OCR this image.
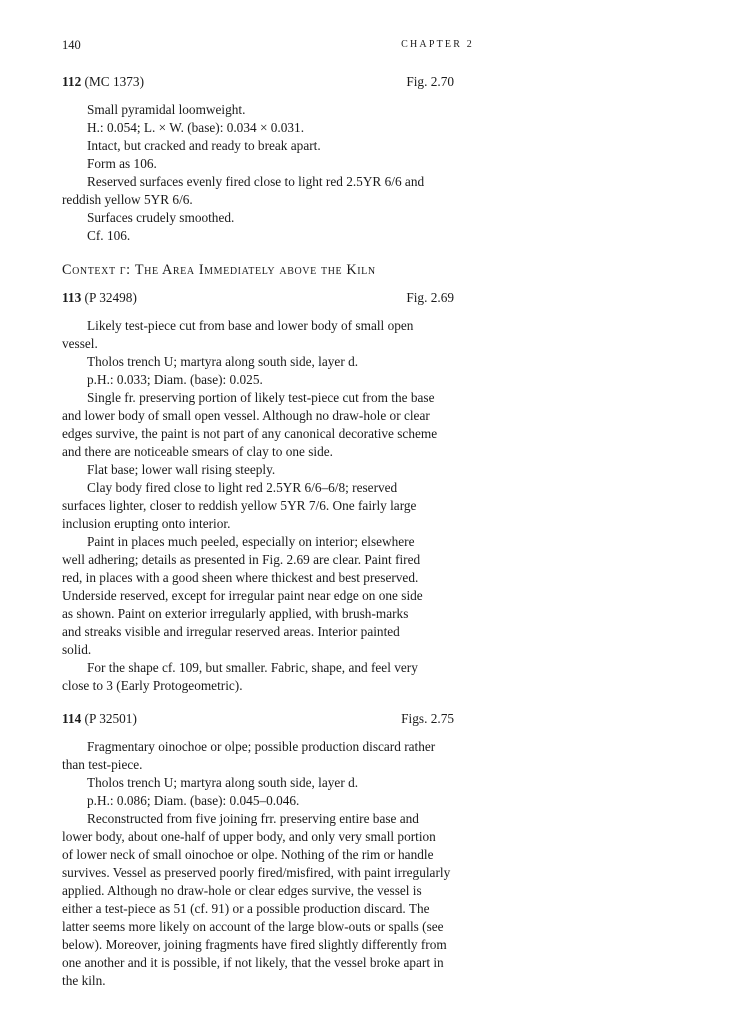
140	CHAPTER 2
112 (MC 1373)	Fig. 2.70
Small pyramidal loomweight.
H.: 0.054; L. × W. (base): 0.034 × 0.031.
Intact, but cracked and ready to break apart.
Form as 106.
Reserved surfaces evenly fired close to light red 2.5YR 6/6 and
reddish yellow 5YR 6/6.
Surfaces crudely smoothed.
Cf. 106.
Context γ: The Area Immediately above the Kiln
113 (P 32498)	Fig. 2.69
Likely test-piece cut from base and lower body of small open
vessel.
Tholos trench U; martyra along south side, layer d.
p.H.: 0.033; Diam. (base): 0.025.
Single fr. preserving portion of likely test-piece cut from the base
and lower body of small open vessel. Although no draw-hole or clear
edges survive, the paint is not part of any canonical decorative scheme
and there are noticeable smears of clay to one side.
Flat base; lower wall rising steeply.
Clay body fired close to light red 2.5YR 6/6–6/8; reserved
surfaces lighter, closer to reddish yellow 5YR 7/6. One fairly large
inclusion erupting onto interior.
Paint in places much peeled, especially on interior; elsewhere
well adhering; details as presented in Fig. 2.69 are clear. Paint fired
red, in places with a good sheen where thickest and best preserved.
Underside reserved, except for irregular paint near edge on one side
as shown. Paint on exterior irregularly applied, with brush-marks
and streaks visible and irregular reserved areas. Interior painted
solid.
For the shape cf. 109, but smaller. Fabric, shape, and feel very
close to 3 (Early Protogeometric).
114 (P 32501)	Figs. 2.75
Fragmentary oinochoe or olpe; possible production discard rather
than test-piece.
Tholos trench U; martyra along south side, layer d.
p.H.: 0.086; Diam. (base): 0.045–0.046.
Reconstructed from five joining frr. preserving entire base and
lower body, about one-half of upper body, and only very small portion
of lower neck of small oinochoe or olpe. Nothing of the rim or handle
survives. Vessel as preserved poorly fired/misfired, with paint irregularly
applied. Although no draw-hole or clear edges survive, the vessel is
either a test-piece as 51 (cf. 91) or a possible production discard. The
latter seems more likely on account of the large blow-outs or spalls (see
below). Moreover, joining fragments have fired slightly differently from
one another and it is possible, if not likely, that the vessel broke apart in
the kiln.
